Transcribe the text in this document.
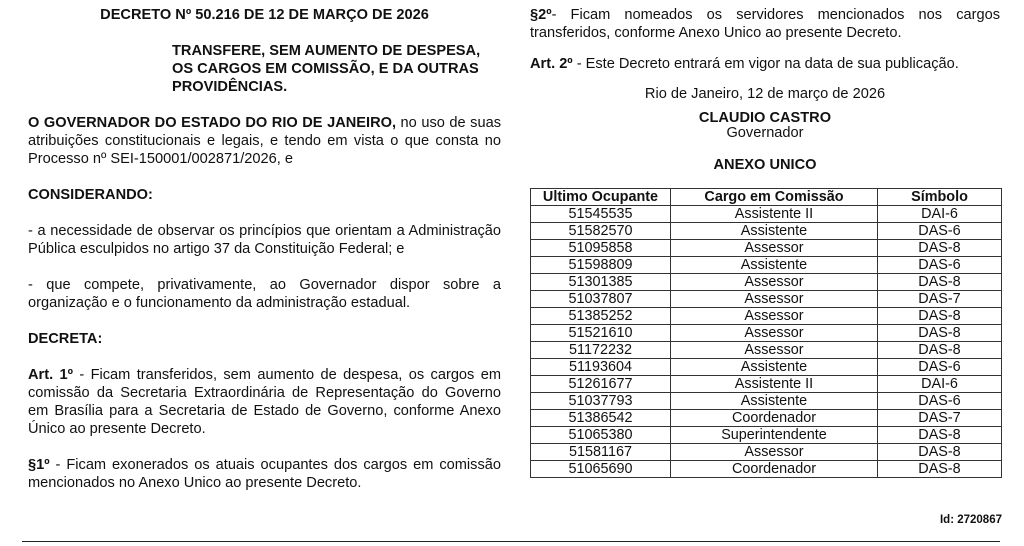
DECRETO Nº 50.216 DE 12 DE MARÇO DE 2026
TRANSFERE, SEM AUMENTO DE DESPESA,
OS CARGOS EM COMISSÃO, E DA OUTRAS
PROVIDÊNCIAS.
O GOVERNADOR DO ESTADO DO RIO DE JANEIRO, no uso de suas atribuições constitucionais e legais, e tendo em vista o que consta no Processo nº SEI-150001/002871/2026, e
CONSIDERANDO:
- a necessidade de observar os princípios que orientam a Administração Pública esculpidos no artigo 37 da Constituição Federal; e
- que compete, privativamente, ao Governador dispor sobre a organização e o funcionamento da administração estadual.
DECRETA:
Art. 1º - Ficam transferidos, sem aumento de despesa, os cargos em comissão da Secretaria Extraordinária de Representação do Governo em Brasília para a Secretaria de Estado de Governo, conforme Anexo Único ao presente Decreto.
§1º - Ficam exonerados os atuais ocupantes dos cargos em comissão mencionados no Anexo Unico ao presente Decreto.
§2º- Ficam nomeados os servidores mencionados nos cargos transferidos, conforme Anexo Unico ao presente Decreto.
Art. 2º - Este Decreto entrará em vigor na data de sua publicação.
Rio de Janeiro, 12 de março de 2026
CLAUDIO CASTRO
Governador
ANEXO UNICO
Ultimo Ocupante	Cargo em Comissão	Símbolo
51545535	Assistente II	DAI-6
51582570	Assistente	DAS-6
51095858	Assessor	DAS-8
51598809	Assistente	DAS-6
51301385	Assessor	DAS-8
51037807	Assessor	DAS-7
51385252	Assessor	DAS-8
51521610	Assessor	DAS-8
51172232	Assessor	DAS-8
51193604	Assistente	DAS-6
51261677	Assistente II	DAI-6
51037793	Assistente	DAS-6
51386542	Coordenador	DAS-7
51065380	Superintendente	DAS-8
51581167	Assessor	DAS-8
51065690	Coordenador	DAS-8
Id: 2720867
